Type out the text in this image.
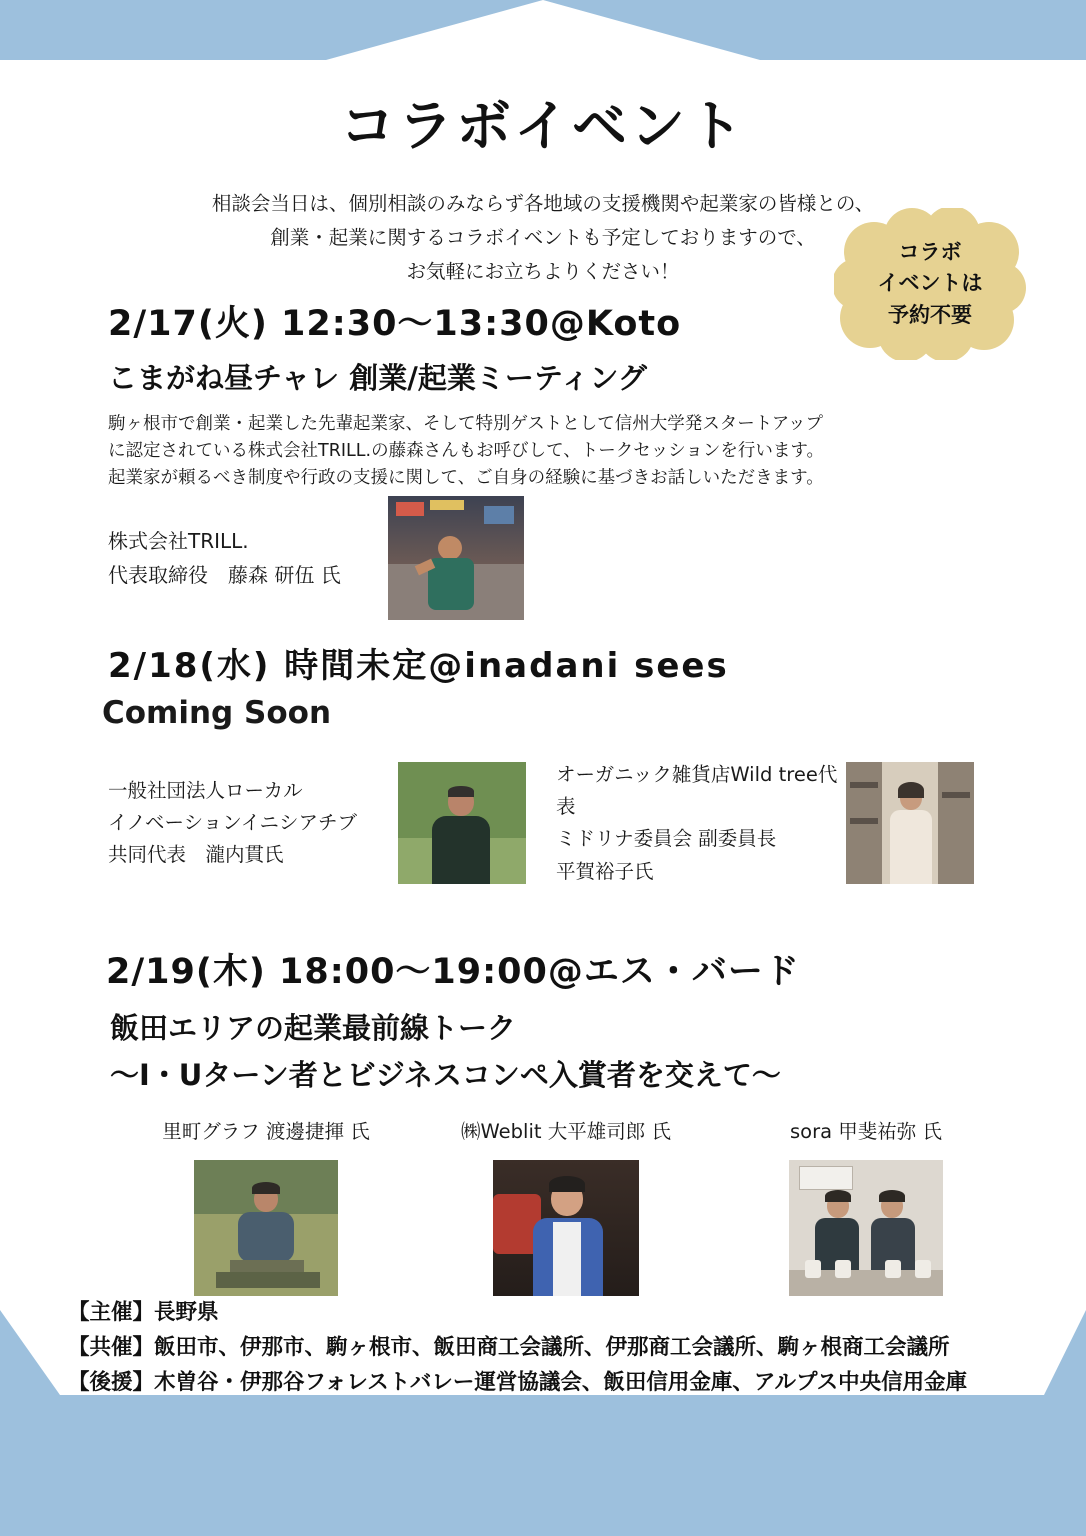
コラボイベント
相談会当日は、個別相談のみならず各地域の支援機関や起業家の皆様との、
創業・起業に関するコラボイベントも予定しておりますので、
お気軽にお立ちよりください！
コラボ
イベントは
予約不要
2/17(火) 12:30〜13:30@Koto
こまがね昼チャレ 創業/起業ミーティング
駒ヶ根市で創業・起業した先輩起業家、そして特別ゲストとして信州大学発スタートアップ
に認定されている株式会社TRILL.の藤森さんもお呼びして、トークセッションを行います。
起業家が頼るべき制度や行政の支援に関して、ご自身の経験に基づきお話しいただきます。
株式会社TRILL.
代表取締役　藤森 研伍 氏
2/18(水) 時間未定@inadani sees
Coming Soon
一般社団法人ローカル
イノベーションイニシアチブ
共同代表　瀧内貫氏
オーガニック雑貨店Wild tree代表
ミドリナ委員会 副委員長
平賀裕子氏
2/19(木) 18:00〜19:00@エス・バード
飯田エリアの起業最前線トーク
〜I・Uターン者とビジネスコンペ入賞者を交えて〜
里町グラフ 渡邊捷揮 氏	㈱Weblit 大平雄司郎 氏	sora 甲斐祐弥 氏
【主催】長野県
【共催】飯田市、伊那市、駒ヶ根市、飯田商工会議所、伊那商工会議所、駒ヶ根商工会議所
【後援】木曽谷・伊那谷フォレストバレー運営協議会、飯田信用金庫、アルプス中央信用金庫
